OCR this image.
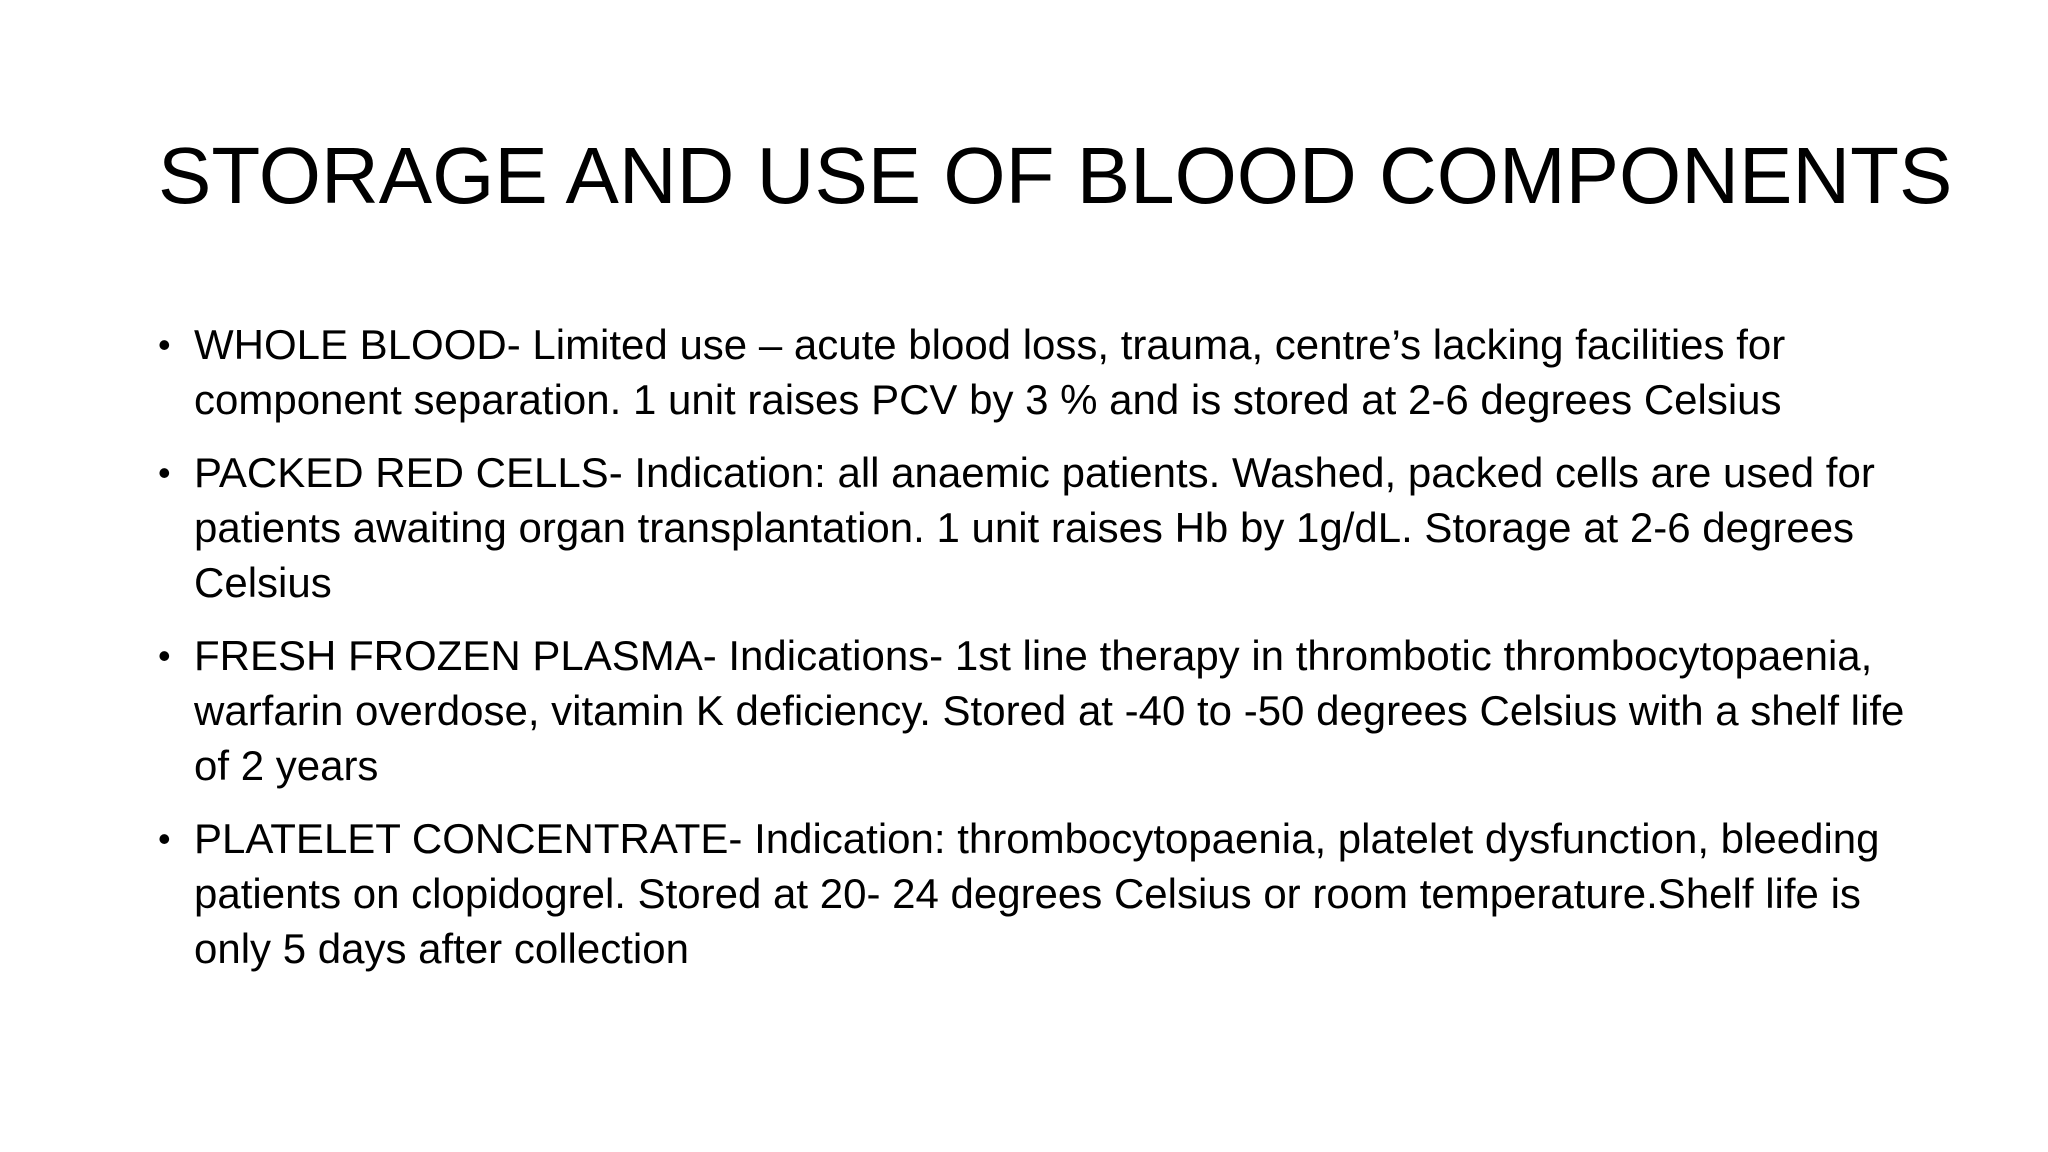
STORAGE AND USE OF BLOOD COMPONENTS
• WHOLE BLOOD- Limited use – acute blood loss, trauma, centre’s lacking facilities for component separation. 1 unit raises PCV by 3 % and is stored at 2-6 degrees Celsius
• PACKED RED CELLS- Indication: all anaemic patients. Washed, packed cells are used for patients awaiting organ transplantation. 1 unit raises Hb by 1g/dL. Storage at 2-6 degrees Celsius
• FRESH FROZEN PLASMA- Indications- 1st line therapy in thrombotic thrombocytopaenia, warfarin overdose, vitamin K deficiency. Stored at -40 to -50 degrees Celsius with a shelf life of 2 years
• PLATELET CONCENTRATE- Indication: thrombocytopaenia, platelet dysfunction, bleeding patients on clopidogrel. Stored at 20- 24 degrees Celsius or room temperature.Shelf life is only 5 days after collection
